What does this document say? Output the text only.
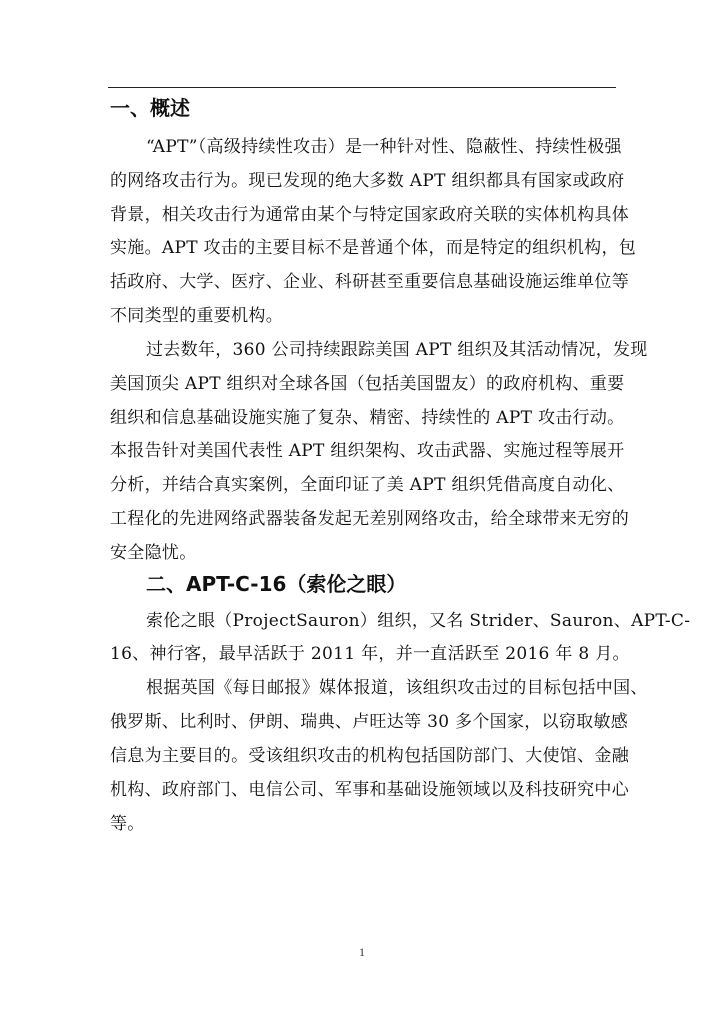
一、概述

“APT”（高级持续性攻击）是一种针对性、隐蔽性、持续性极强

的网络攻击行为。现已发现的绝大多数 APT 组织都具有国家或政府

背景，相关攻击行为通常由某个与特定国家政府关联的实体机构具体

实施。APT 攻击的主要目标不是普通个体，而是特定的组织机构，包

括政府、大学、医疗、企业、科研甚至重要信息基础设施运维单位等

不同类型的重要机构。

过去数年，360 公司持续跟踪美国 APT 组织及其活动情况，发现

美国顶尖 APT 组织对全球各国（包括美国盟友）的政府机构、重要

组织和信息基础设施实施了复杂、精密、持续性的 APT 攻击行动。

本报告针对美国代表性 APT 组织架构、攻击武器、实施过程等展开

分析，并结合真实案例，全面印证了美 APT 组织凭借高度自动化、

工程化的先进网络武器装备发起无差别网络攻击，给全球带来无穷的

安全隐忧。

二、APT-C-16（索伦之眼）

索伦之眼（ProjectSauron）组织，又名 Strider、Sauron、APT-C-

16、神行客，最早活跃于 2011 年，并一直活跃至 2016 年 8 月。

根据英国《每日邮报》媒体报道，该组织攻击过的目标包括中国、

俄罗斯、比利时、伊朗、瑞典、卢旺达等 30 多个国家，以窃取敏感

信息为主要目的。受该组织攻击的机构包括国防部门、大使馆、金融

机构、政府部门、电信公司、军事和基础设施领域以及科技研究中心

等。

1
